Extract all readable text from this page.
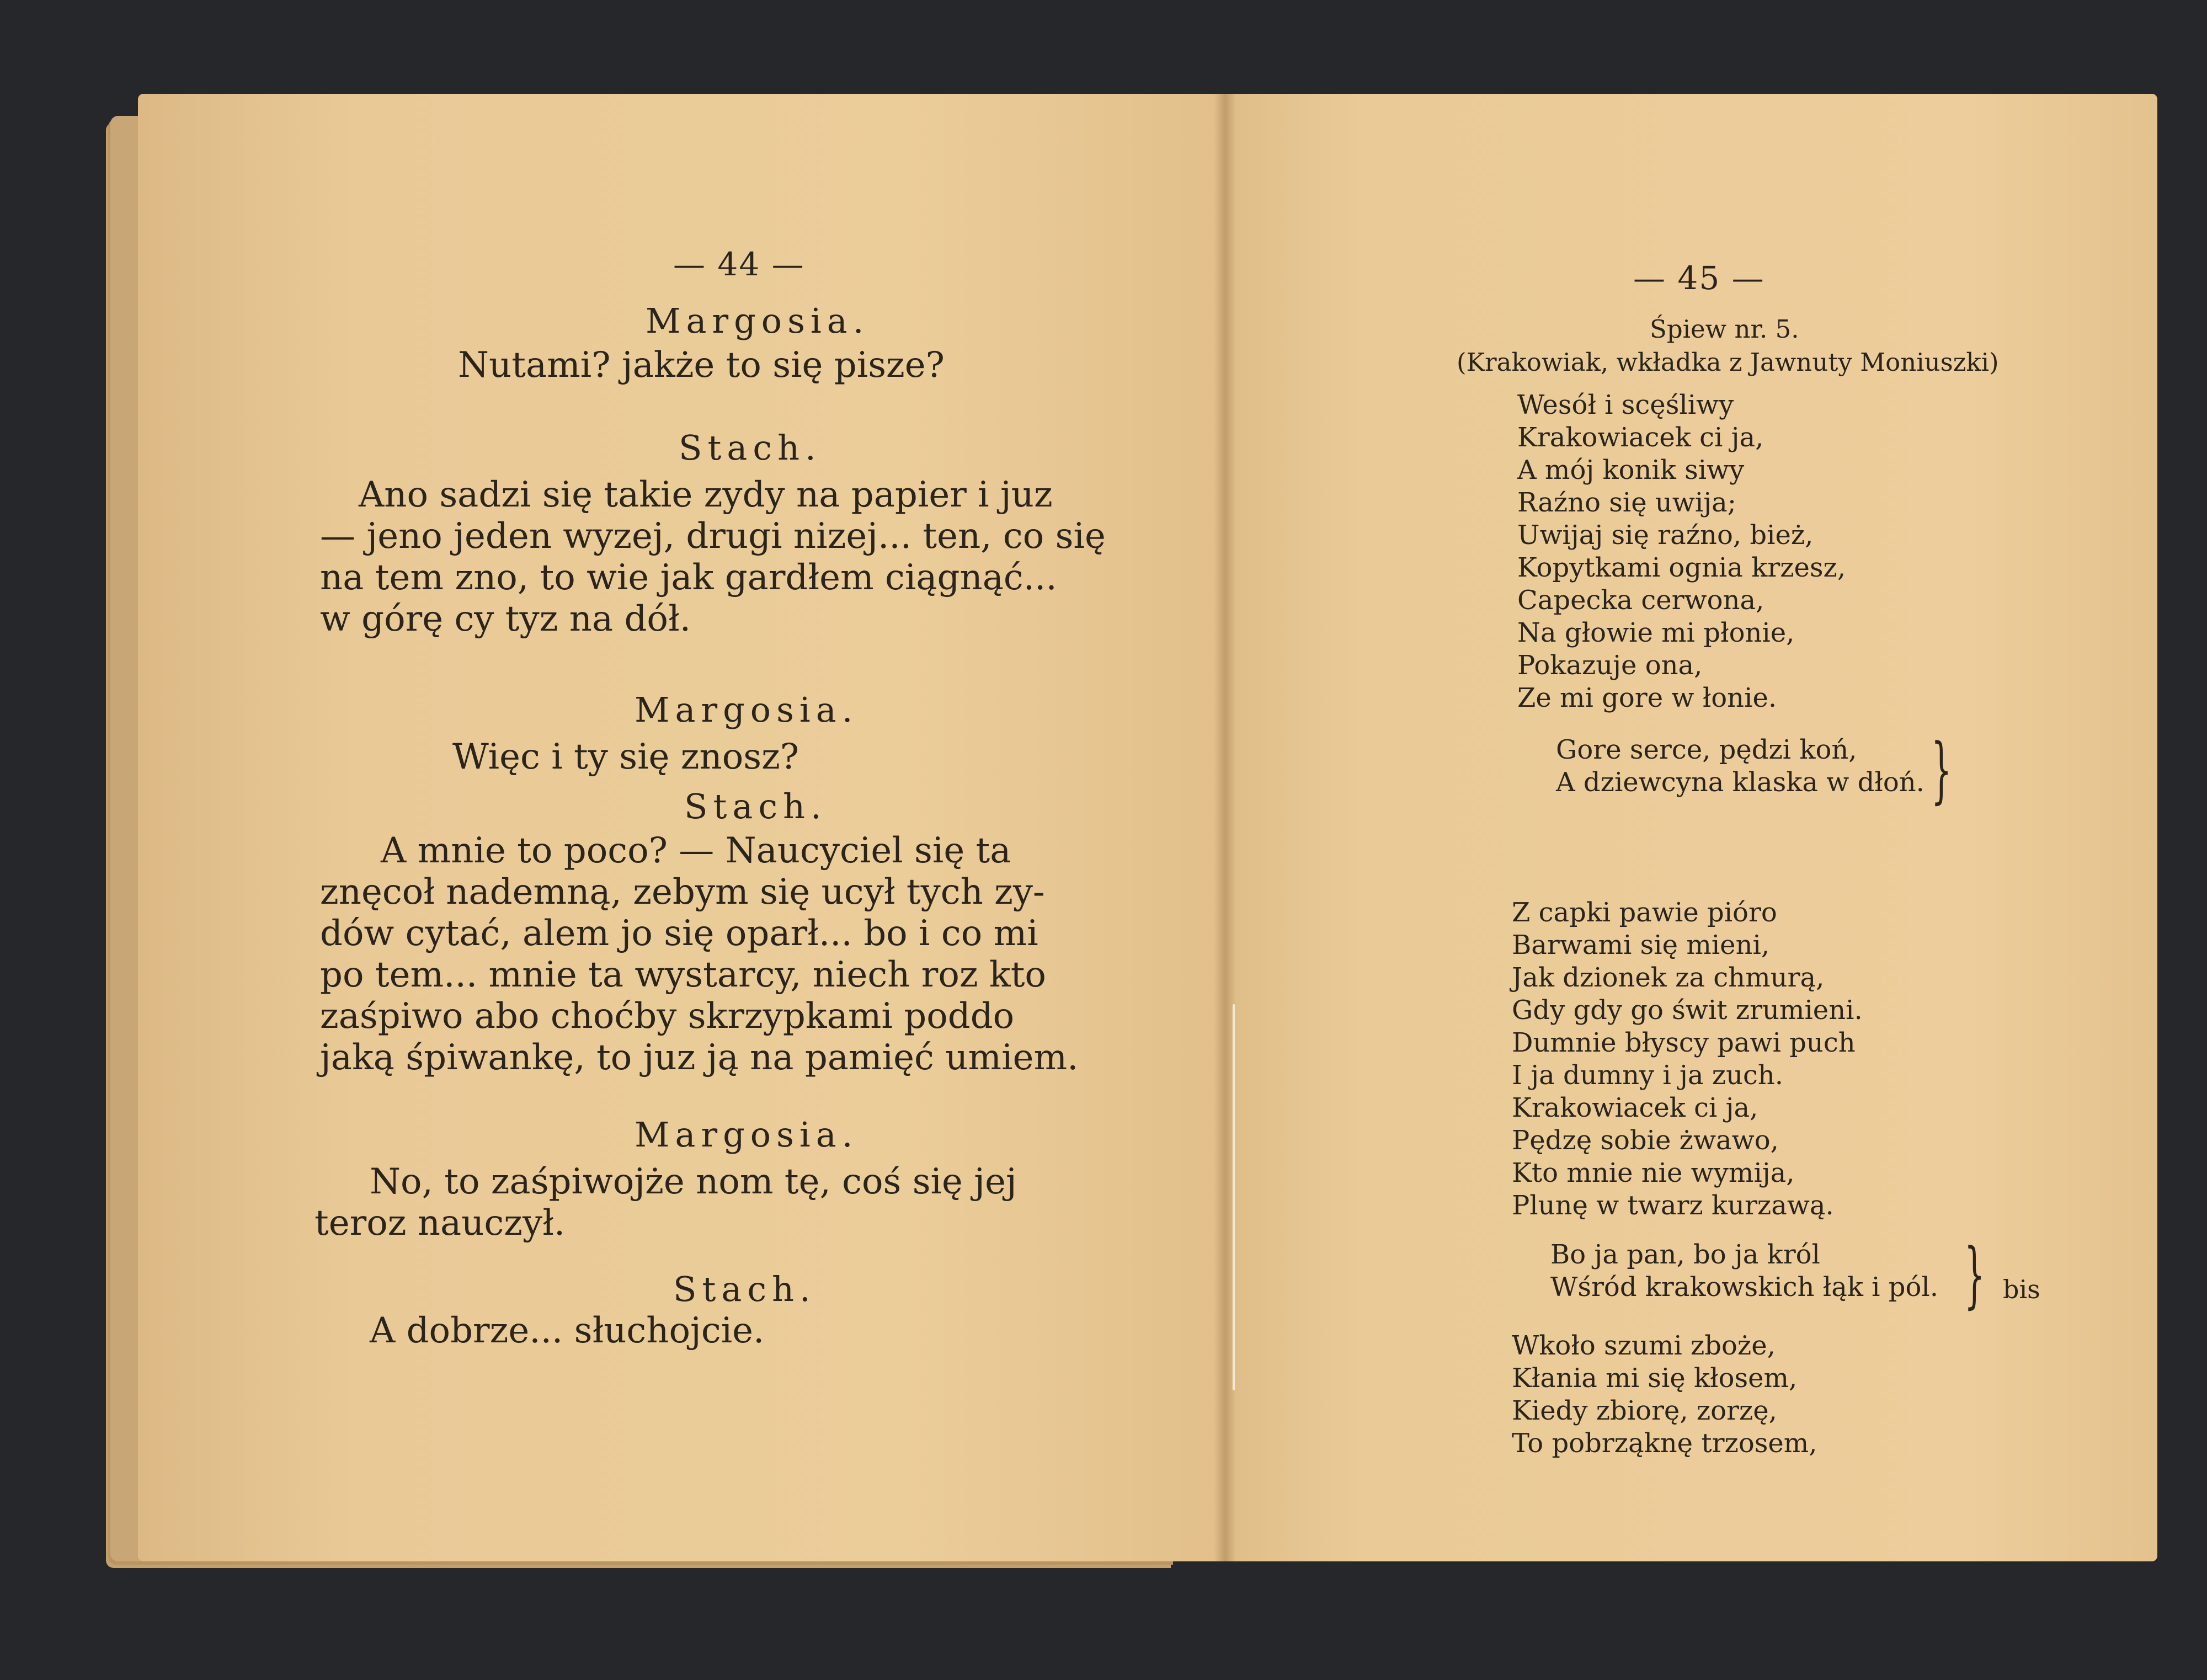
— 44 —
Margosia.
Nutami? jakże to się pisze?
Stach.
Ano sadzi się takie zydy na papier i juz
— jeno jeden wyzej, drugi nizej... ten, co się
na tem zno, to wie jak gardłem ciągnąć...
w górę cy tyz na dół.
Margosia.
Więc i ty się znosz?
Stach.
A mnie to poco? — Naucyciel się ta
znęcoł nademną, zebym się ucył tych zy-
dów cytać, alem jo się oparł... bo i co mi
po tem... mnie ta wystarcy, niech roz kto
zaśpiwo abo choćby skrzypkami poddo
jaką śpiwankę, to juz ją na pamięć umiem.
Margosia.
No, to zaśpiwojże nom tę, coś się jej
teroz nauczył.
Stach.
A dobrze... słuchojcie.
— 45 —
Śpiew nr. 5.
(Krakowiak, wkładka z Jawnuty Moniuszki)
Wesół i scęśliwy
Krakowiacek ci ja,
A mój konik siwy
Raźno się uwija;
Uwijaj się raźno, bież,
Kopytkami ognia krzesz,
Capecka cerwona,
Na głowie mi płonie,
Pokazuje ona,
Ze mi gore w łonie.
Gore serce, pędzi koń,
A dziewcyna klaska w dłoń. }
Z capki pawie pióro
Barwami się mieni,
Jak dzionek za chmurą,
Gdy gdy go świt zrumieni.
Dumnie błyscy pawi puch
I ja dumny i ja zuch.
Krakowiacek ci ja,
Pędzę sobie żwawo,
Kto mnie nie wymija,
Plunę w twarz kurzawą.
Bo ja pan, bo ja król
Wśród krakowskich łąk i pól. } bis
Wkoło szumi zboże,
Kłania mi się kłosem,
Kiedy zbiorę, zorzę,
To pobrząknę trzosem,
